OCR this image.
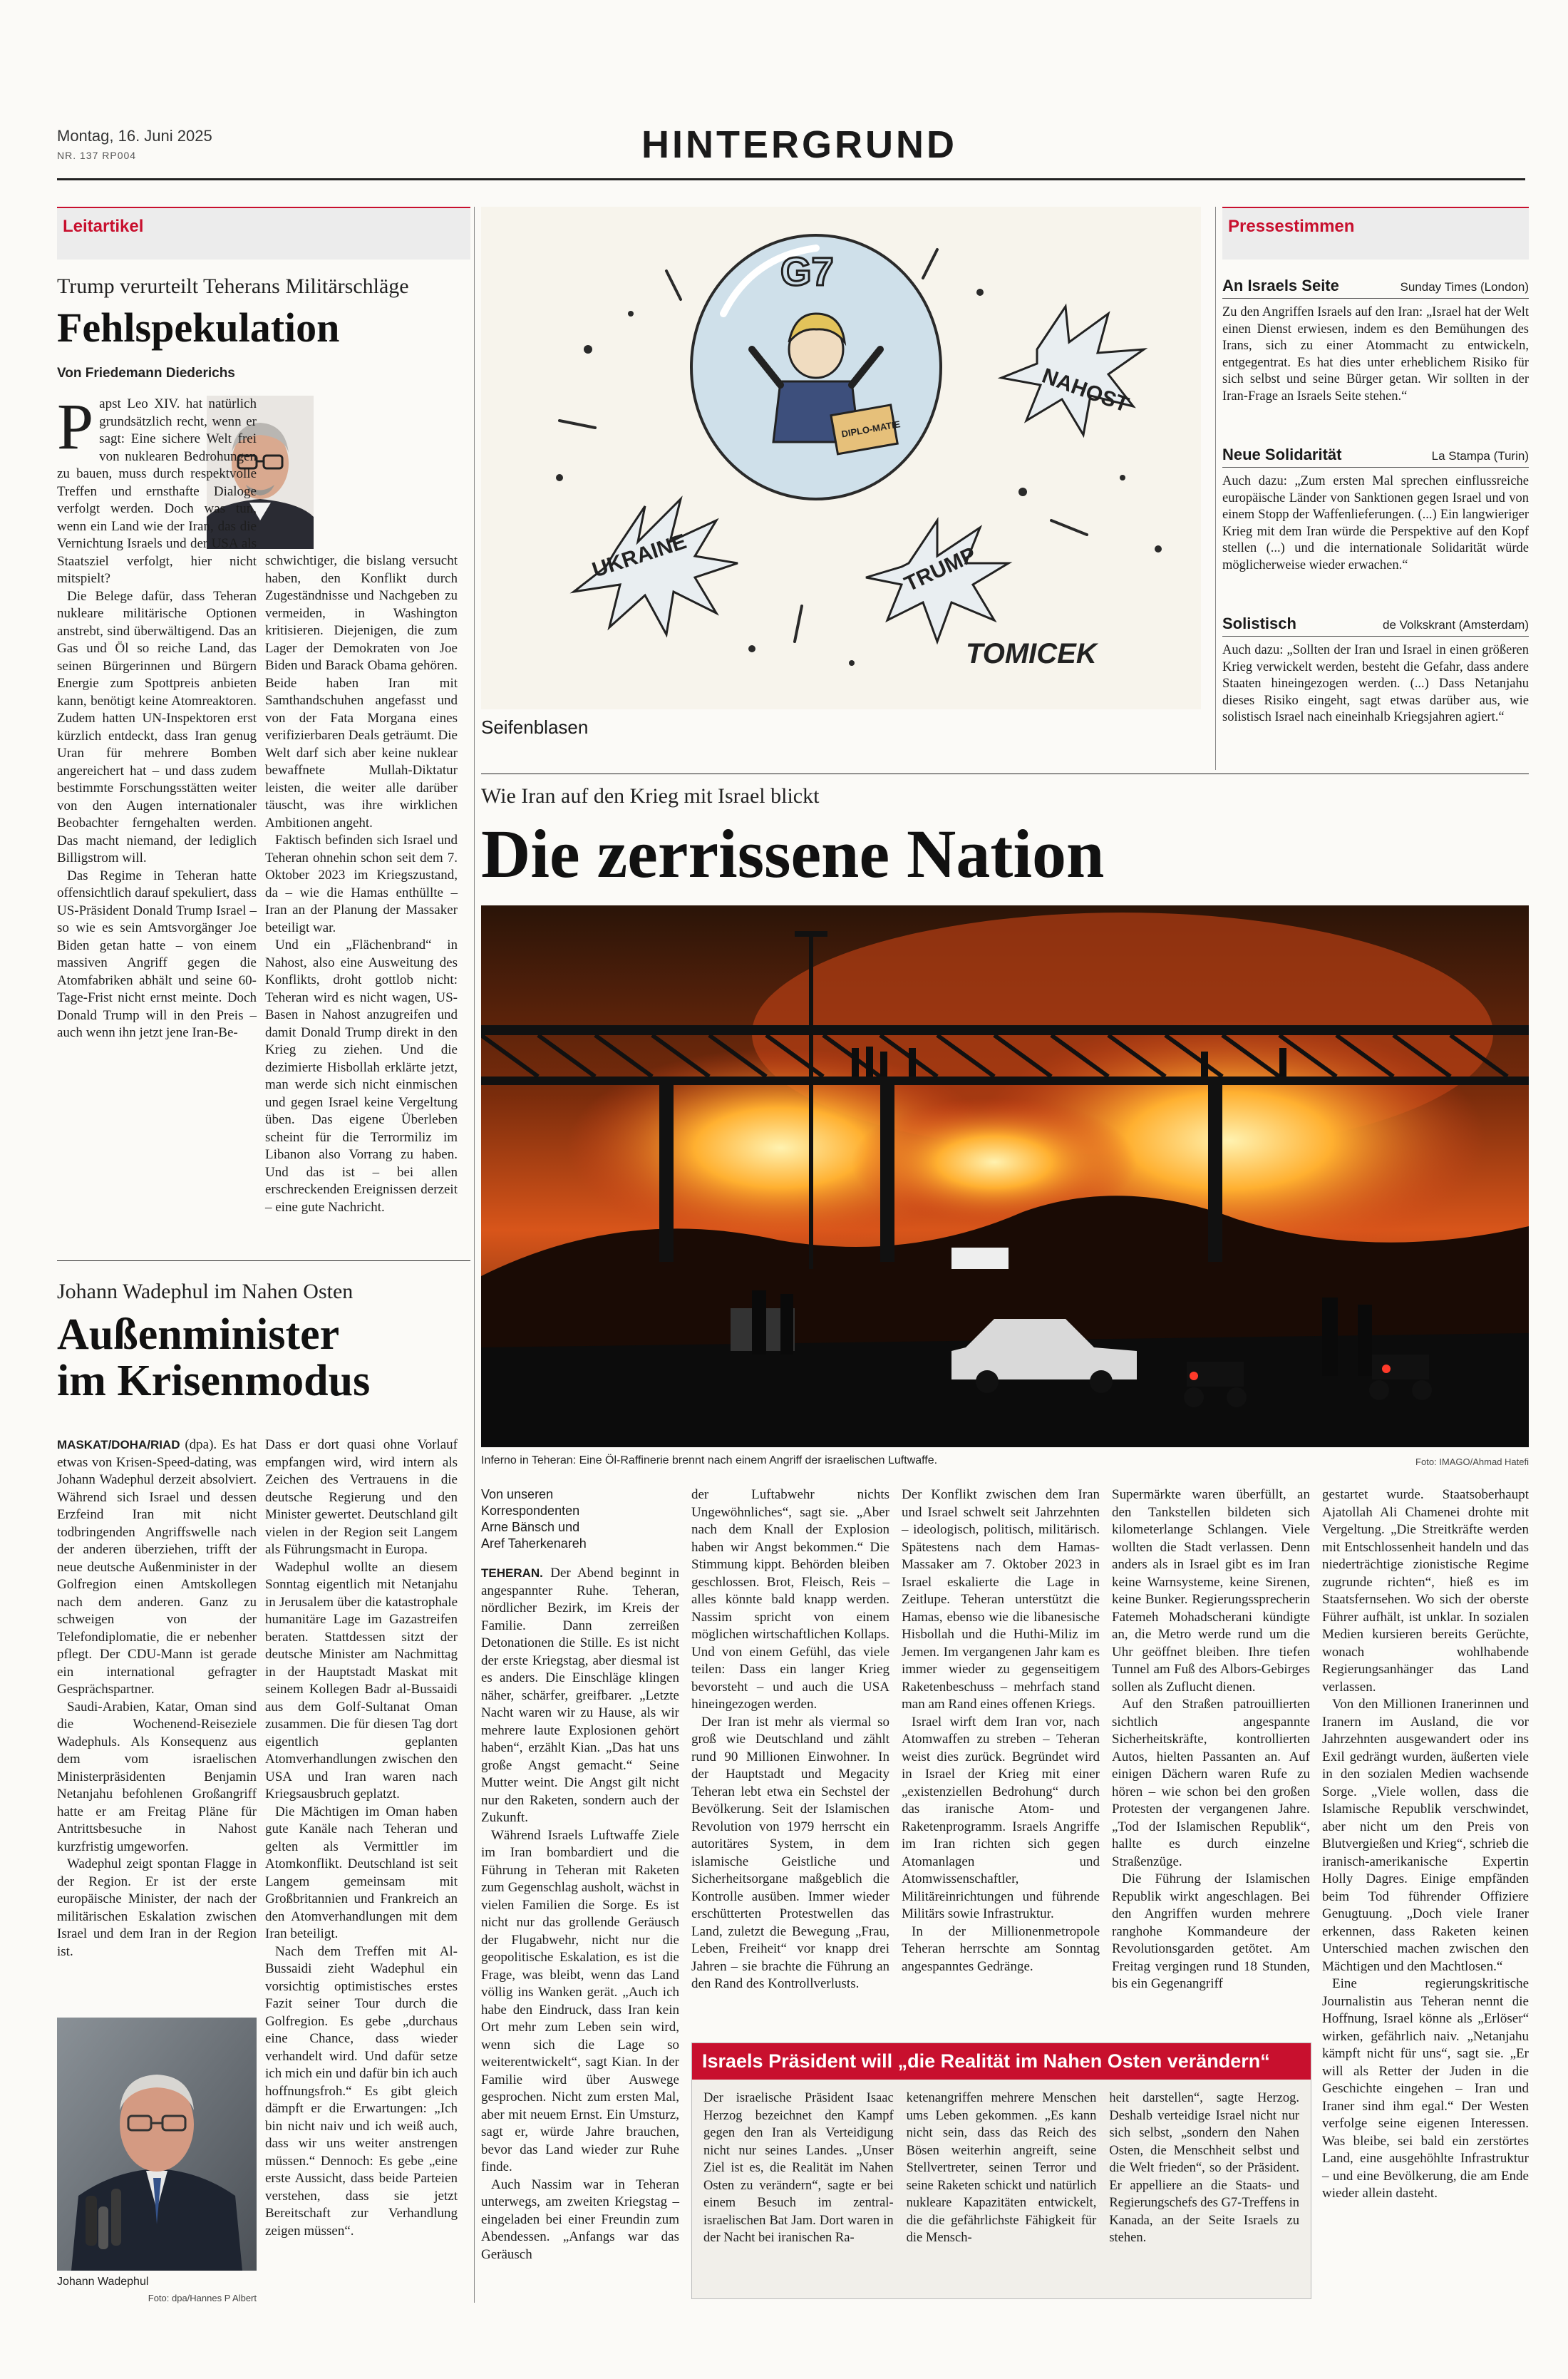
Montag, 16. Juni 2025
NR. 137 RP004	HINTERGRUND
Leitartikel
Trump verurteilt Teherans Militärschläge
Fehlspekulation
Von Friedemann Diederichs
P apst Leo XIV. hat natürlich grundsätzlich recht, wenn er sagt: Eine sichere Welt frei von nuklearen Bedrohungen zu bauen, muss durch respektvolle Treffen und ernsthafte Dialoge verfolgt werden. Doch was tun, wenn ein Land wie der Iran, das die Vernichtung Israels und der USA als Staatsziel verfolgt, hier nicht mitspielt?

Die Belege dafür, dass Teheran nukleare militärische Optionen anstrebt, sind überwältigend. Das an Gas und Öl so reiche Land, das seinen Bürgerinnen und Bürgern Energie zum Spottpreis anbieten kann, benötigt keine Atomreaktoren. Zudem hatten UN-Inspektoren erst kürzlich entdeckt, dass Iran genug Uran für mehrere Bomben angereichert hat – und dass zudem bestimmte Forschungsstätten weiter von den Augen internationaler Beobachter ferngehalten werden. Das macht niemand, der lediglich Billigstrom will.

Das Regime in Teheran hatte offensichtlich darauf spekuliert, dass US-Präsident Donald Trump Israel – so wie es sein Amtsvorgänger Joe Biden getan hatte – von einem massiven Angriff gegen die Atomfabriken abhält und seine 60-Tage-Frist nicht ernst meinte. Doch Donald Trump will in den Preis – auch wenn ihn jetzt jene Iran-Be-

schwichtiger, die bislang versucht haben, den Konflikt durch Zugeständnisse und Nachgeben zu vermeiden, in Washington kritisieren. Diejenigen, die zum Lager der Demokraten von Joe Biden und Barack Obama gehören. Beide haben Iran mit Samthandschuhen angefasst und von der Fata Morgana eines verifizierbaren Deals geträumt. Die Welt darf sich aber keine nuklear bewaffnete Mullah-Diktatur leisten, die weiter alle darüber täuscht, was ihre wirklichen Ambitionen angeht.

Faktisch befinden sich Israel und Teheran ohnehin schon seit dem 7. Oktober 2023 im Kriegszustand, da – wie die Hamas enthüllte – Iran an der Planung der Massaker beteiligt war.

Und ein „Flächenbrand“ in Nahost, also eine Ausweitung des Konflikts, droht gottlob nicht: Teheran wird es nicht wagen, US-Basen in Nahost anzugreifen und damit Donald Trump direkt in den Krieg zu ziehen. Und die dezimierte Hisbollah erklärte jetzt, man werde sich nicht einmischen und gegen Israel keine Vergeltung üben. Das eigene Überleben scheint für die Terrormiliz im Libanon also Vorrang zu haben. Und das ist – bei allen erschreckenden Ereignissen derzeit – eine gute Nachricht.

Johann Wadephul im Nahen Osten
Außenminister
im Krisenmodus

MASKAT/DOHA/RIAD (dpa). Es hat etwas von Krisen-Speed-dating, was Johann Wadephul derzeit absolviert. Während sich Israel und dessen Erzfeind Iran mit nicht todbringenden Angriffswelle nach der anderen überziehen, trifft der neue deutsche Außenminister in der Golfregion einen Amtskollegen nach dem anderen. Ganz zu schweigen von der Telefondiplomatie, die er nebenher pflegt. Der CDU-Mann ist gerade ein international gefragter Gesprächspartner.

Saudi-Arabien, Katar, Oman sind die Wochenend-Reiseziele Wadephuls. Als Konsequenz aus dem vom israelischen Ministerpräsidenten Benjamin Netanjahu befohlenen Großangriff hatte er am Freitag Pläne für Antrittsbesuche in Nahost kurzfristig umgeworfen.

Wadephul zeigt spontan Flagge in der Region. Er ist der erste europäische Minister, der nach der militärischen Eskalation zwischen Israel und dem Iran in der Region ist.

Dass er dort quasi ohne Vorlauf empfangen wird, wird intern als Zeichen des Vertrauens in die deutsche Regierung und den Minister gewertet. Deutschland gilt vielen in der Region seit Langem als Führungsmacht in Europa.

Wadephul wollte an diesem Sonntag eigentlich mit Netanjahu in Jerusalem über die katastrophale humanitäre Lage im Gazastreifen beraten. Stattdessen sitzt der deutsche Minister am Nachmittag in der Hauptstadt Maskat mit seinem Kollegen Badr al-Bussaidi aus dem Golf-Sultanat Oman zusammen. Die für diesen Tag dort eigentlich geplanten Atomverhandlungen zwischen den USA und Iran waren nach Kriegsausbruch geplatzt.

Die Mächtigen im Oman haben gute Kanäle nach Teheran und gelten als Vermittler im Atomkonflikt. Deutschland ist seit Langem gemeinsam mit Großbritannien und Frankreich an den Atomverhandlungen mit dem Iran beteiligt.

Nach dem Treffen mit Al-Bussaidi zieht Wadephul ein vorsichtig optimistisches erstes Fazit seiner Tour durch die Golfregion. Es gebe „durchaus eine Chance, dass wieder verhandelt wird. Und dafür setze ich mich ein und dafür bin ich auch hoffnungsfroh.“ Es gibt gleich dämpft er die Erwartungen: „Ich bin nicht naiv und ich weiß auch, dass wir uns weiter anstrengen müssen.“ Dennoch: Es gebe „eine erste Aussicht, dass beide Parteien verstehen, dass sie jetzt Bereitschaft zur Verhandlung zeigen müssen“.

Johann Wadephul
Foto: dpa/Hannes P Albert
G7
NAHOST
UKRAINE	TRUMP
DIPLO-MATIE
TOMICEK
Seifenblasen
Pressestimmen
An Israels Seite	Sunday Times (London)
Zu den Angriffen Israels auf den Iran: „Israel hat der Welt einen Dienst erwiesen, indem es den Bemühungen des Irans, sich zu einer Atommacht zu entwickeln, entgegentrat. Es hat dies unter erheblichem Risiko für sich selbst und seine Bürger getan. Wir sollten in der Iran-Frage an Israels Seite stehen.“
Neue Solidarität	La Stampa (Turin)
Auch dazu: „Zum ersten Mal sprechen einflussreiche europäische Länder von Sanktionen gegen Israel und von einem Stopp der Waffenlieferungen. (...) Ein langwieriger Krieg mit dem Iran würde die Perspektive auf den Kopf stellen (...) und die internationale Solidarität würde möglicherweise wieder erwachen.“
Solistisch	de Volkskrant (Amsterdam)
Auch dazu: „Sollten der Iran und Israel in einen größeren Krieg verwickelt werden, besteht die Gefahr, dass andere Staaten hineingezogen werden. (...) Dass Netanjahu dieses Risiko eingeht, sagt etwas darüber aus, wie solistisch Israel nach eineinhalb Kriegsjahren agiert.“
Wie Iran auf den Krieg mit Israel blickt
Die zerrissene Nation
Inferno in Teheran: Eine Öl-Raffinerie brennt nach einem Angriff der israelischen Luftwaffe.	Foto: IMAGO/Ahmad Hatefi
Von unseren
Korrespondenten
Arne Bänsch und
Aref Taherkenareh

TEHERAN. Der Abend beginnt in angespannter Ruhe. Teheran, nördlicher Bezirk, im Kreis der Familie. Dann zerreißen Detonationen die Stille. Es ist nicht der erste Kriegstag, aber diesmal ist es anders. Die Einschläge klingen näher, schärfer, greifbarer. „Letzte Nacht waren wir zu Hause, als wir mehrere laute Explosionen gehört haben“, erzählt Kian. „Das hat uns große Angst gemacht.“ Seine Mutter weint. Die Angst gilt nicht nur den Raketen, sondern auch der Zukunft.

Während Israels Luftwaffe Ziele im Iran bombardiert und die Führung in Teheran mit Raketen zum Gegenschlag ausholt, wächst in vielen Familien die Sorge. Es ist nicht nur das grollende Geräusch der Flugabwehr, nicht nur die geopolitische Eskalation, es ist die Frage, was bleibt, wenn das Land völlig ins Wanken gerät. „Auch ich habe den Eindruck, dass Iran kein Ort mehr zum Leben sein wird, wenn sich die Lage so weiterentwickelt“, sagt Kian. In der Familie wird über Auswege gesprochen. Nicht zum ersten Mal, aber mit neuem Ernst. Ein Umsturz, sagt er, würde Jahre brauchen, bevor das Land wieder zur Ruhe finde.

Auch Nassim war in Teheran unterwegs, am zweiten Kriegstag – eingeladen bei einer Freundin zum Abendessen. „Anfangs war das Geräusch

der Luftabwehr nichts Ungewöhnliches“, sagt sie. „Aber nach dem Knall der Explosion haben wir Angst bekommen.“ Die Stimmung kippt. Behörden bleiben geschlossen. Brot, Fleisch, Reis – alles könnte bald knapp werden. Nassim spricht von einem möglichen wirtschaftlichen Kollaps. Und von einem Gefühl, das viele teilen: Dass ein langer Krieg bevorsteht – und auch die USA hineingezogen werden.

Der Iran ist mehr als viermal so groß wie Deutschland und zählt rund 90 Millionen Einwohner. In der Hauptstadt und Megacity Teheran lebt etwa ein Sechstel der Bevölkerung. Seit der Islamischen Revolution von 1979 herrscht ein autoritäres System, in dem islamische Geistliche und Sicherheitsorgane maßgeblich die Kontrolle ausüben. Immer wieder erschütterten Protestwellen das Land, zuletzt die Bewegung „Frau, Leben, Freiheit“ vor knapp drei Jahren – sie brachte die Führung an den Rand des Kontrollverlusts.

Der Konflikt zwischen dem Iran und Israel schwelt seit Jahrzehnten – ideologisch, politisch, militärisch. Spätestens nach dem Hamas-Massaker am 7. Oktober 2023 in Israel eskalierte die Lage in Zeitlupe. Teheran unterstützt die Hamas, ebenso wie die libanesische Hisbollah und die Huthi-Miliz im Jemen. Im vergangenen Jahr kam es immer wieder zu gegenseitigem Raketenbeschuss – mehrfach stand man am Rand eines offenen Kriegs.

Israel wirft dem Iran vor, nach Atomwaffen zu streben – Teheran weist dies zurück. Begründet wird in Israel der Krieg mit einer „existenziellen Bedrohung“ durch das iranische Atom- und Raketenprogramm. Israels Angriffe im Iran richten sich gegen Atomanlagen und Atomwissenschaftler, Militäreinrichtungen und führende Militärs sowie Infrastruktur.

In der Millionenmetropole Teheran herrschte am Sonntag angespanntes Gedränge.

Supermärkte waren überfüllt, an den Tankstellen bildeten sich kilometerlange Schlangen. Viele wollten die Stadt verlassen. Denn anders als in Israel gibt es im Iran keine Warnsysteme, keine Sirenen, keine Bunker. Regierungssprecherin Fatemeh Mohadscherani kündigte an, die Metro werde rund um die Uhr geöffnet bleiben. Ihre tiefen Tunnel am Fuß des Albors-Gebirges sollen als Zuflucht dienen.

Auf den Straßen patrouillierten sichtlich angespannte Sicherheitskräfte, kontrollierten Autos, hielten Passanten an. Auf einigen Dächern waren Rufe zu hören – wie schon bei den großen Protesten der vergangenen Jahre. „Tod der Islamischen Republik“, hallte es durch einzelne Straßenzüge.

Die Führung der Islamischen Republik wirkt angeschlagen. Bei den Angriffen wurden mehrere ranghohe Kommandeure der Revolutionsgarden getötet. Am Freitag vergingen rund 18 Stunden, bis ein Gegenangriff

gestartet wurde. Staatsoberhaupt Ajatollah Ali Chamenei drohte mit Vergeltung. „Die Streitkräfte werden mit Entschlossenheit handeln und das niederträchtige zionistische Regime zugrunde richten“, hieß es im Staatsfernsehen. Wo sich der oberste Führer aufhält, ist unklar. In sozialen Medien kursieren bereits Gerüchte, wonach wohlhabende Regierungsanhänger das Land verlassen.

Von den Millionen Iranerinnen und Iranern im Ausland, die vor Jahrzehnten ausgewandert oder ins Exil gedrängt wurden, äußerten viele in den sozialen Medien wachsende Sorge. „Viele wollen, dass die Islamische Republik verschwindet, aber nicht um den Preis von Blutvergießen und Krieg“, schrieb die iranisch-amerikanische Expertin Holly Dagres. Einige empfänden beim Tod führender Offiziere Genugtuung. „Doch viele Iraner erkennen, dass Raketen keinen Unterschied machen zwischen den Mächtigen und den Machtlosen.“

Eine regierungskritische Journalistin aus Teheran nennt die Hoffnung, Israel könne als „Erlöser“ wirken, gefährlich naiv. „Netanjahu kämpft nicht für uns“, sagt sie. „Er will als Retter der Juden in die Geschichte eingehen – Iran und Iraner sind ihm egal.“ Der Westen verfolge seine eigenen Interessen. Was bleibe, sei bald ein zerstörtes Land, eine ausgehöhlte Infrastruktur – und eine Bevölkerung, die am Ende wieder allein dasteht.

Israels Präsident will „die Realität im Nahen Osten verändern“
Der israelische Präsident Isaac Herzog bezeichnet den Kampf gegen den Iran als Verteidigung nicht nur seines Landes. „Unser Ziel ist es, die Realität im Nahen Osten zu verändern“, sagte er bei einem Besuch im zentral-israelischen Bat Jam. Dort waren in der Nacht bei iranischen Ra-
ketenangriffen mehrere Menschen ums Leben gekommen. „Es kann nicht sein, dass das Reich des Bösen weiterhin angreift, seine Stellvertreter, seinen Terror und seine Raketen schickt und natürlich nukleare Kapazitäten entwickelt, die die gefährlichste Fähigkeit für die Mensch-
heit darstellen“, sagte Herzog. Deshalb verteidige Israel nicht nur sich selbst, „sondern den Nahen Osten, die Menschheit selbst und die Welt frieden“, so der Präsident. Er appelliere an die Staats- und Regierungschefs des G7-Treffens in Kanada, an der Seite Israels zu stehen.
